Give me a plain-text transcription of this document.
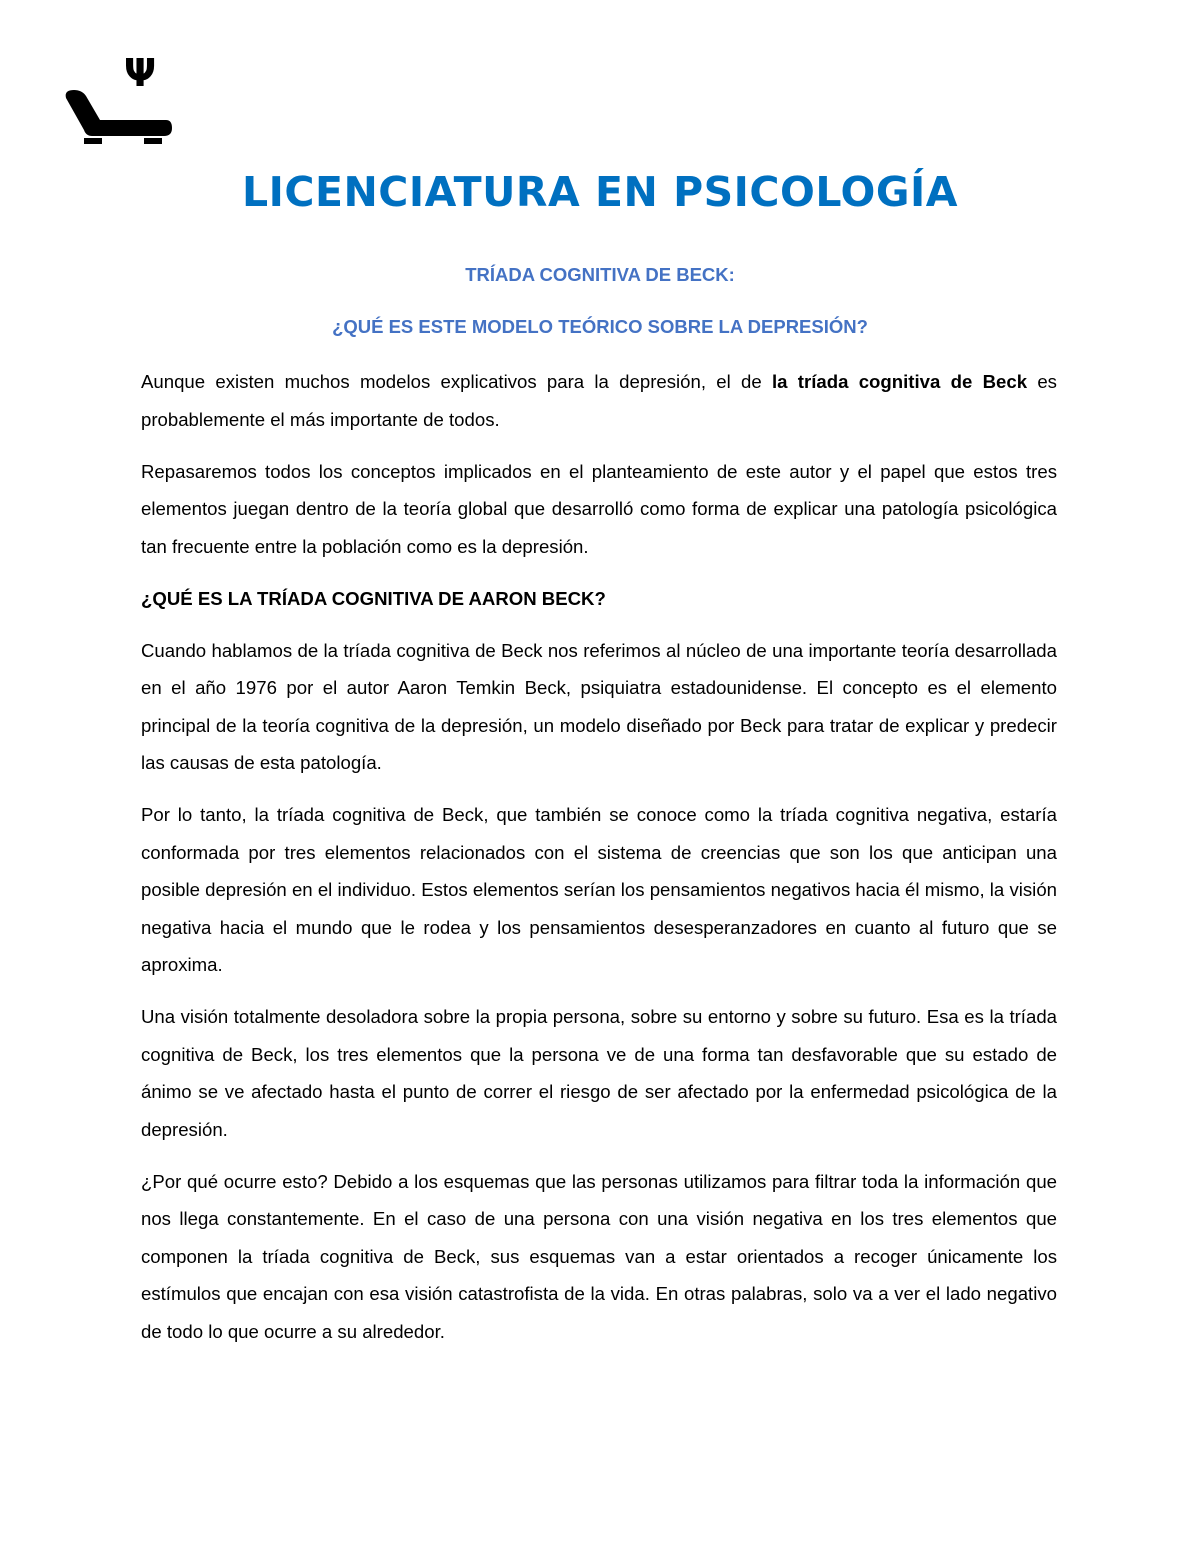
Ψ
LICENCIATURA EN PSICOLOGÍA

TRÍADA COGNITIVA DE BECK:

¿QUÉ ES ESTE MODELO TEÓRICO SOBRE LA DEPRESIÓN?

Aunque existen muchos modelos explicativos para la depresión, el de la tríada cognitiva de Beck es probablemente el más importante de todos.

Repasaremos todos los conceptos implicados en el planteamiento de este autor y el papel que estos tres elementos juegan dentro de la teoría global que desarrolló como forma de explicar una patología psicológica tan frecuente entre la población como es la depresión.

¿QUÉ ES LA TRÍADA COGNITIVA DE AARON BECK?

Cuando hablamos de la tríada cognitiva de Beck nos referimos al núcleo de una importante teoría desarrollada en el año 1976 por el autor Aaron Temkin Beck, psiquiatra estadounidense. El concepto es el elemento principal de la teoría cognitiva de la depresión, un modelo diseñado por Beck para tratar de explicar y predecir las causas de esta patología.

Por lo tanto, la tríada cognitiva de Beck, que también se conoce como la tríada cognitiva negativa, estaría conformada por tres elementos relacionados con el sistema de creencias que son los que anticipan una posible depresión en el individuo. Estos elementos serían los pensamientos negativos hacia él mismo, la visión negativa hacia el mundo que le rodea y los pensamientos desesperanzadores en cuanto al futuro que se aproxima.

Una visión totalmente desoladora sobre la propia persona, sobre su entorno y sobre su futuro. Esa es la tríada cognitiva de Beck, los tres elementos que la persona ve de una forma tan desfavorable que su estado de ánimo se ve afectado hasta el punto de correr el riesgo de ser afectado por la enfermedad psicológica de la depresión.

¿Por qué ocurre esto? Debido a los esquemas que las personas utilizamos para filtrar toda la información que nos llega constantemente. En el caso de una persona con una visión negativa en los tres elementos que componen la tríada cognitiva de Beck, sus esquemas van a estar orientados a recoger únicamente los estímulos que encajan con esa visión catastrofista de la vida. En otras palabras, solo va a ver el lado negativo de todo lo que ocurre a su alrededor.
